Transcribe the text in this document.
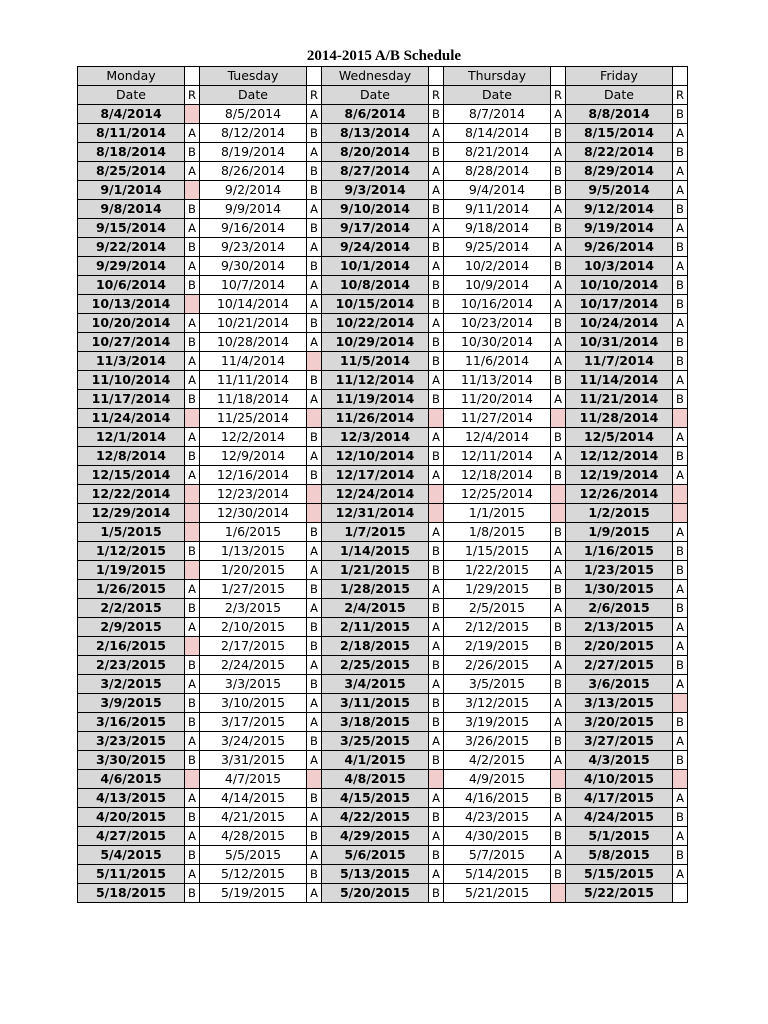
2014-2015 A/B Schedule
Monday		Tuesday		Wednesday		Thursday		Friday	
Date	R	Date	R	Date	R	Date	R	Date	R
8/4/2014		8/5/2014	A	8/6/2014	B	8/7/2014	A	8/8/2014	B
8/11/2014	A	8/12/2014	B	8/13/2014	A	8/14/2014	B	8/15/2014	A
8/18/2014	B	8/19/2014	A	8/20/2014	B	8/21/2014	A	8/22/2014	B
8/25/2014	A	8/26/2014	B	8/27/2014	A	8/28/2014	B	8/29/2014	A
9/1/2014		9/2/2014	B	9/3/2014	A	9/4/2014	B	9/5/2014	A
9/8/2014	B	9/9/2014	A	9/10/2014	B	9/11/2014	A	9/12/2014	B
9/15/2014	A	9/16/2014	B	9/17/2014	A	9/18/2014	B	9/19/2014	A
9/22/2014	B	9/23/2014	A	9/24/2014	B	9/25/2014	A	9/26/2014	B
9/29/2014	A	9/30/2014	B	10/1/2014	A	10/2/2014	B	10/3/2014	A
10/6/2014	B	10/7/2014	A	10/8/2014	B	10/9/2014	A	10/10/2014	B
10/13/2014		10/14/2014	A	10/15/2014	B	10/16/2014	A	10/17/2014	B
10/20/2014	A	10/21/2014	B	10/22/2014	A	10/23/2014	B	10/24/2014	A
10/27/2014	B	10/28/2014	A	10/29/2014	B	10/30/2014	A	10/31/2014	B
11/3/2014	A	11/4/2014		11/5/2014	B	11/6/2014	A	11/7/2014	B
11/10/2014	A	11/11/2014	B	11/12/2014	A	11/13/2014	B	11/14/2014	A
11/17/2014	B	11/18/2014	A	11/19/2014	B	11/20/2014	A	11/21/2014	B
11/24/2014		11/25/2014		11/26/2014		11/27/2014		11/28/2014	
12/1/2014	A	12/2/2014	B	12/3/2014	A	12/4/2014	B	12/5/2014	A
12/8/2014	B	12/9/2014	A	12/10/2014	B	12/11/2014	A	12/12/2014	B
12/15/2014	A	12/16/2014	B	12/17/2014	A	12/18/2014	B	12/19/2014	A
12/22/2014		12/23/2014		12/24/2014		12/25/2014		12/26/2014	
12/29/2014		12/30/2014		12/31/2014		1/1/2015		1/2/2015	
1/5/2015		1/6/2015	B	1/7/2015	A	1/8/2015	B	1/9/2015	A
1/12/2015	B	1/13/2015	A	1/14/2015	B	1/15/2015	A	1/16/2015	B
1/19/2015		1/20/2015	A	1/21/2015	B	1/22/2015	A	1/23/2015	B
1/26/2015	A	1/27/2015	B	1/28/2015	A	1/29/2015	B	1/30/2015	A
2/2/2015	B	2/3/2015	A	2/4/2015	B	2/5/2015	A	2/6/2015	B
2/9/2015	A	2/10/2015	B	2/11/2015	A	2/12/2015	B	2/13/2015	A
2/16/2015		2/17/2015	B	2/18/2015	A	2/19/2015	B	2/20/2015	A
2/23/2015	B	2/24/2015	A	2/25/2015	B	2/26/2015	A	2/27/2015	B
3/2/2015	A	3/3/2015	B	3/4/2015	A	3/5/2015	B	3/6/2015	A
3/9/2015	B	3/10/2015	A	3/11/2015	B	3/12/2015	A	3/13/2015	
3/16/2015	B	3/17/2015	A	3/18/2015	B	3/19/2015	A	3/20/2015	B
3/23/2015	A	3/24/2015	B	3/25/2015	A	3/26/2015	B	3/27/2015	A
3/30/2015	B	3/31/2015	A	4/1/2015	B	4/2/2015	A	4/3/2015	B
4/6/2015		4/7/2015		4/8/2015		4/9/2015		4/10/2015	
4/13/2015	A	4/14/2015	B	4/15/2015	A	4/16/2015	B	4/17/2015	A
4/20/2015	B	4/21/2015	A	4/22/2015	B	4/23/2015	A	4/24/2015	B
4/27/2015	A	4/28/2015	B	4/29/2015	A	4/30/2015	B	5/1/2015	A
5/4/2015	B	5/5/2015	A	5/6/2015	B	5/7/2015	A	5/8/2015	B
5/11/2015	A	5/12/2015	B	5/13/2015	A	5/14/2015	B	5/15/2015	A
5/18/2015	B	5/19/2015	A	5/20/2015	B	5/21/2015		5/22/2015	
